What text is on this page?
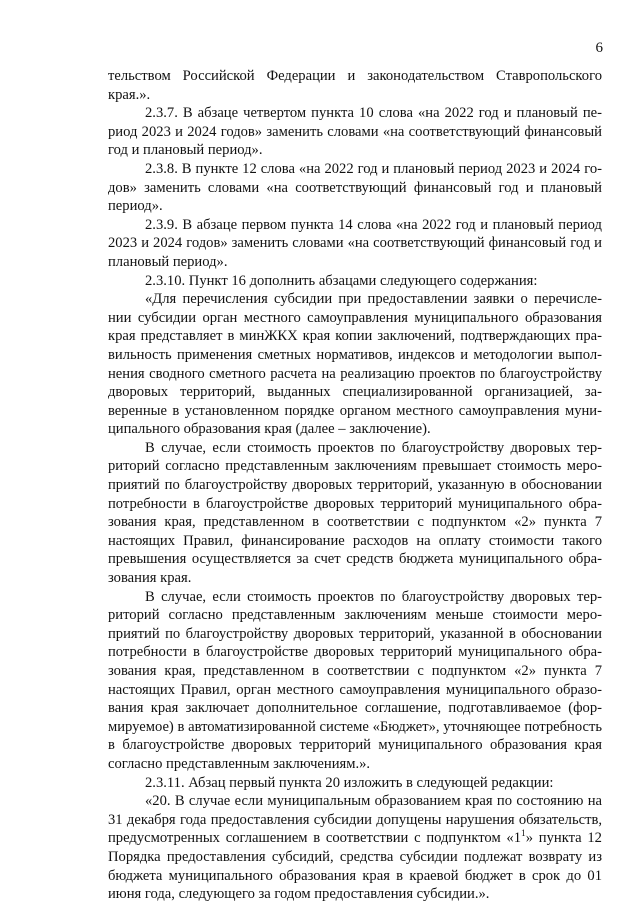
6

тельством Российской Федерации и законодательством Ставропольского края.».

2.3.7. В абзаце четвертом пункта 10 слова «на 2022 год и плановый период 2023 и 2024 годов» заменить словами «на соответствующий финансовый год и плановый период».

2.3.8. В пункте 12 слова «на 2022 год и плановый период 2023 и 2024 годов» заменить словами «на соответствующий финансовый год и плановый период».

2.3.9. В абзаце первом пункта 14 слова «на 2022 год и плановый период 2023 и 2024 годов» заменить словами «на соответствующий финансовый год и плановый период».

2.3.10. Пункт 16 дополнить абзацами следующего содержания:

«Для перечисления субсидии при предоставлении заявки о перечислении субсидии орган местного самоуправления муниципального образования края представляет в минЖКХ края копии заключений, подтверждающих правильность применения сметных нормативов, индексов и методологии выполнения сводного сметного расчета на реализацию проектов по благоустройству дворовых территорий, выданных специализированной организацией, заверенные в установленном порядке органом местного самоуправления муниципального образования края (далее – заключение).

В случае, если стоимость проектов по благоустройству дворовых территорий согласно представленным заключениям превышает стоимость мероприятий по благоустройству дворовых территорий, указанную в обосновании потребности в благоустройстве дворовых территорий муниципального образования края, представленном в соответствии с подпунктом «2» пункта 7 настоящих Правил, финансирование расходов на оплату стоимости такого превышения осуществляется за счет средств бюджета муниципального образования края.

В случае, если стоимость проектов по благоустройству дворовых территорий согласно представленным заключениям меньше стоимости мероприятий по благоустройству дворовых территорий, указанной в обосновании потребности в благоустройстве дворовых территорий муниципального образования края, представленном в соответствии с подпунктом «2» пункта 7 настоящих Правил, орган местного самоуправления муниципального образования края заключает дополнительное соглашение, подготавливаемое (формируемое) в автоматизированной системе «Бюджет», уточняющее потребность в благоустройстве дворовых территорий муниципального образования края согласно представленным заключениям.».

2.3.11. Абзац первый пункта 20 изложить в следующей редакции:

«20. В случае если муниципальным образованием края по состоянию на 31 декабря года предоставления субсидии допущены нарушения обязательств, предусмотренных соглашением в соответствии с подпунктом «$1^1$» пункта 12 Порядка предоставления субсидий, средства субсидии подлежат возврату из бюджета муниципального образования края в краевой бюджет в срок до 01 июня года, следующего за годом предоставления субсидии.».
